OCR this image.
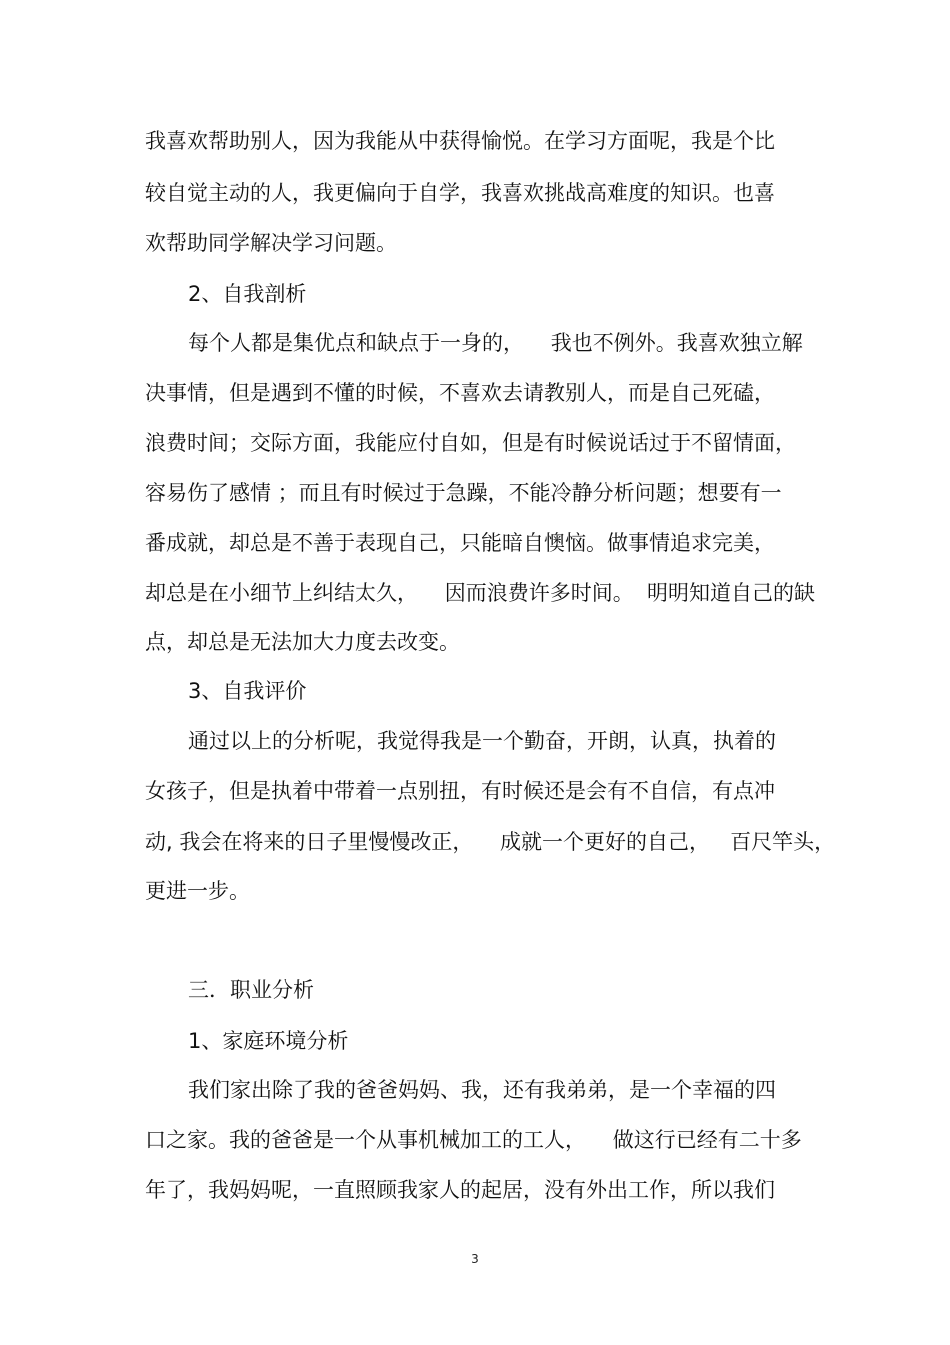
我喜欢帮助别人，因为我能从中获得愉悦。在学习方面呢，我是个比
较自觉主动的人，我更偏向于自学，我喜欢挑战高难度的知识。也喜
欢帮助同学解决学习问题。
2、自我剖析
每个人都是集优点和缺点于一身的，    我也不例外。我喜欢独立解
决事情，但是遇到不懂的时候，不喜欢去请教别人，而是自己死磕，
浪费时间；交际方面，我能应付自如，但是有时候说话过于不留情面，
容易伤了感情 ；而且有时候过于急躁，不能冷静分析问题；想要有一
番成就，却总是不善于表现自己，只能暗自懊恼。做事情追求完美，
却总是在小细节上纠结太久，    因而浪费许多时间。  明明知道自己的缺
点，却总是无法加大力度去改变。
3、自我评价
通过以上的分析呢，我觉得我是一个勤奋，开朗，认真，执着的
女孩子，但是执着中带着一点别扭，有时候还是会有不自信，有点冲
动, 我会在将来的日子里慢慢改正，    成就一个更好的自己，   百尺竿头，
更进一步。
三．职业分析
1、家庭环境分析
我们家出除了我的爸爸妈妈、我，还有我弟弟，是一个幸福的四
口之家。我的爸爸是一个从事机械加工的工人，    做这行已经有二十多
年了，我妈妈呢，一直照顾我家人的起居，没有外出工作，所以我们
3
